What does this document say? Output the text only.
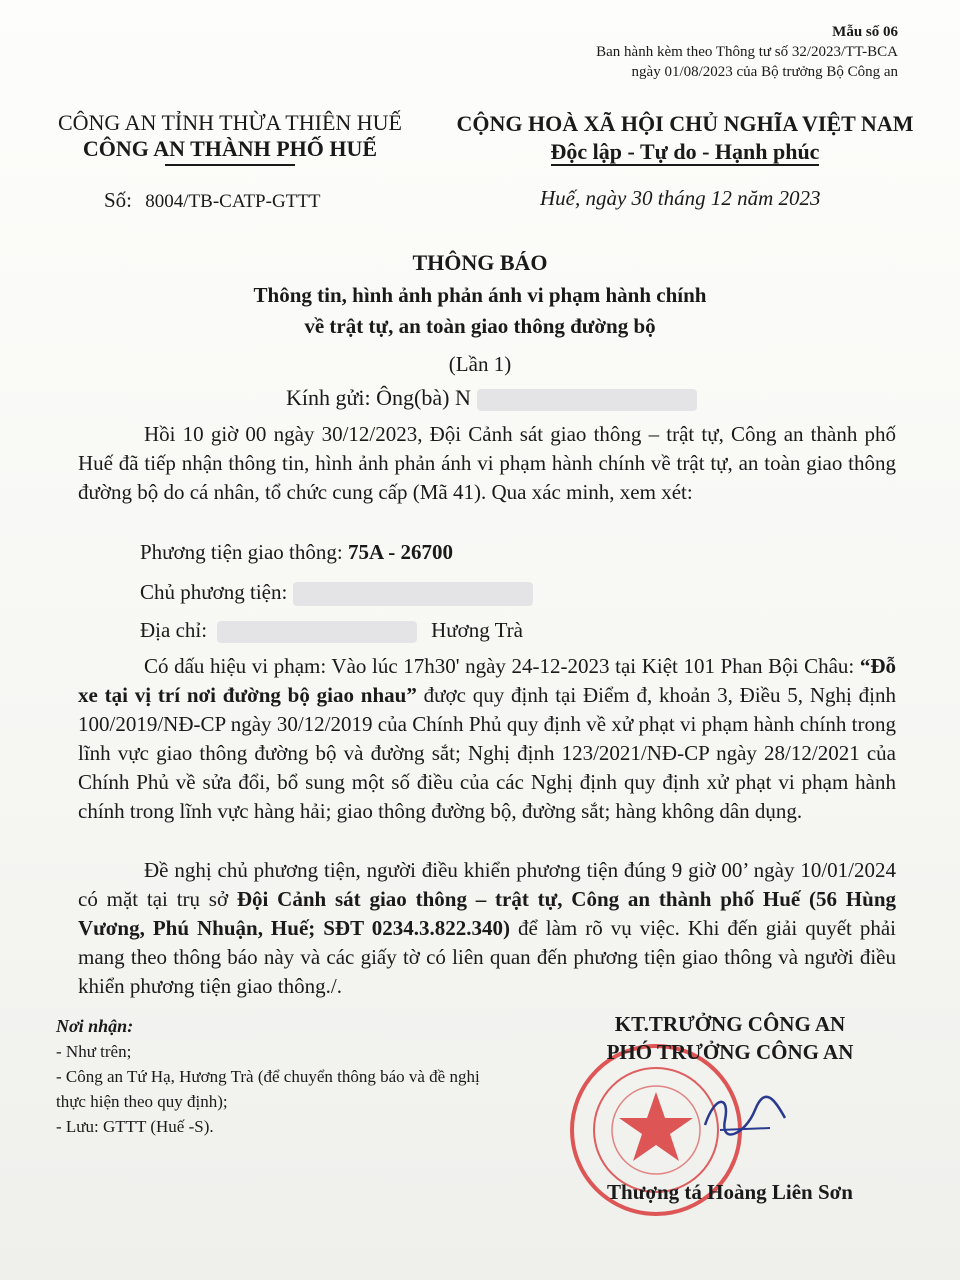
Mẫu số 06
Ban hành kèm theo Thông tư số 32/2023/TT-BCA
ngày 01/08/2023 của Bộ trưởng Bộ Công an
CÔNG AN TỈNH THỪA THIÊN HUẾ
CÔNG AN THÀNH PHỐ HUẾ
CỘNG HOÀ XÃ HỘI CHỦ NGHĨA VIỆT NAM
Độc lập - Tự do - Hạnh phúc
Số: 8004/TB-CATP-GTTT	Huế, ngày 30 tháng 12 năm 2023
THÔNG BÁO
Thông tin, hình ảnh phản ánh vi phạm hành chính
về trật tự, an toàn giao thông đường bộ
(Lần 1)
Kính gửi: Ông(bà) N
Hồi 10 giờ 00 ngày 30/12/2023, Đội Cảnh sát giao thông – trật tự, Công an thành phố Huế đã tiếp nhận thông tin, hình ảnh phản ánh vi phạm hành chính về trật tự, an toàn giao thông đường bộ do cá nhân, tổ chức cung cấp (Mã 41). Qua xác minh, xem xét:
Phương tiện giao thông: 75A - 26700
Chủ phương tiện:
Địa chỉ:	Hương Trà
Có dấu hiệu vi phạm: Vào lúc 17h30' ngày 24-12-2023 tại Kiệt 101 Phan Bội Châu: “Đỗ xe tại vị trí nơi đường bộ giao nhau” được quy định tại Điểm đ, khoản 3, Điều 5, Nghị định 100/2019/NĐ-CP ngày 30/12/2019 của Chính Phủ quy định về xử phạt vi phạm hành chính trong lĩnh vực giao thông đường bộ và đường sắt; Nghị định 123/2021/NĐ-CP ngày 28/12/2021 của Chính Phủ về sửa đổi, bổ sung một số điều của các Nghị định quy định xử phạt vi phạm hành chính trong lĩnh vực hàng hải; giao thông đường bộ, đường sắt; hàng không dân dụng.
Đề nghị chủ phương tiện, người điều khiển phương tiện đúng 9 giờ 00’ ngày 10/01/2024 có mặt tại trụ sở Đội Cảnh sát giao thông – trật tự, Công an thành phố Huế (56 Hùng Vương, Phú Nhuận, Huế; SĐT 0234.3.822.340) để làm rõ vụ việc. Khi đến giải quyết phải mang theo thông báo này và các giấy tờ có liên quan đến phương tiện giao thông và người điều khiển phương tiện giao thông./.
Nơi nhận:
- Như trên;
- Công an Tứ Hạ, Hương Trà (để chuyển thông báo và đề nghị thực hiện theo quy định);
- Lưu: GTTT (Huế -S).
KT.TRƯỞNG CÔNG AN
PHÓ TRƯỞNG CÔNG AN
Thượng tá Hoàng Liên Sơn
